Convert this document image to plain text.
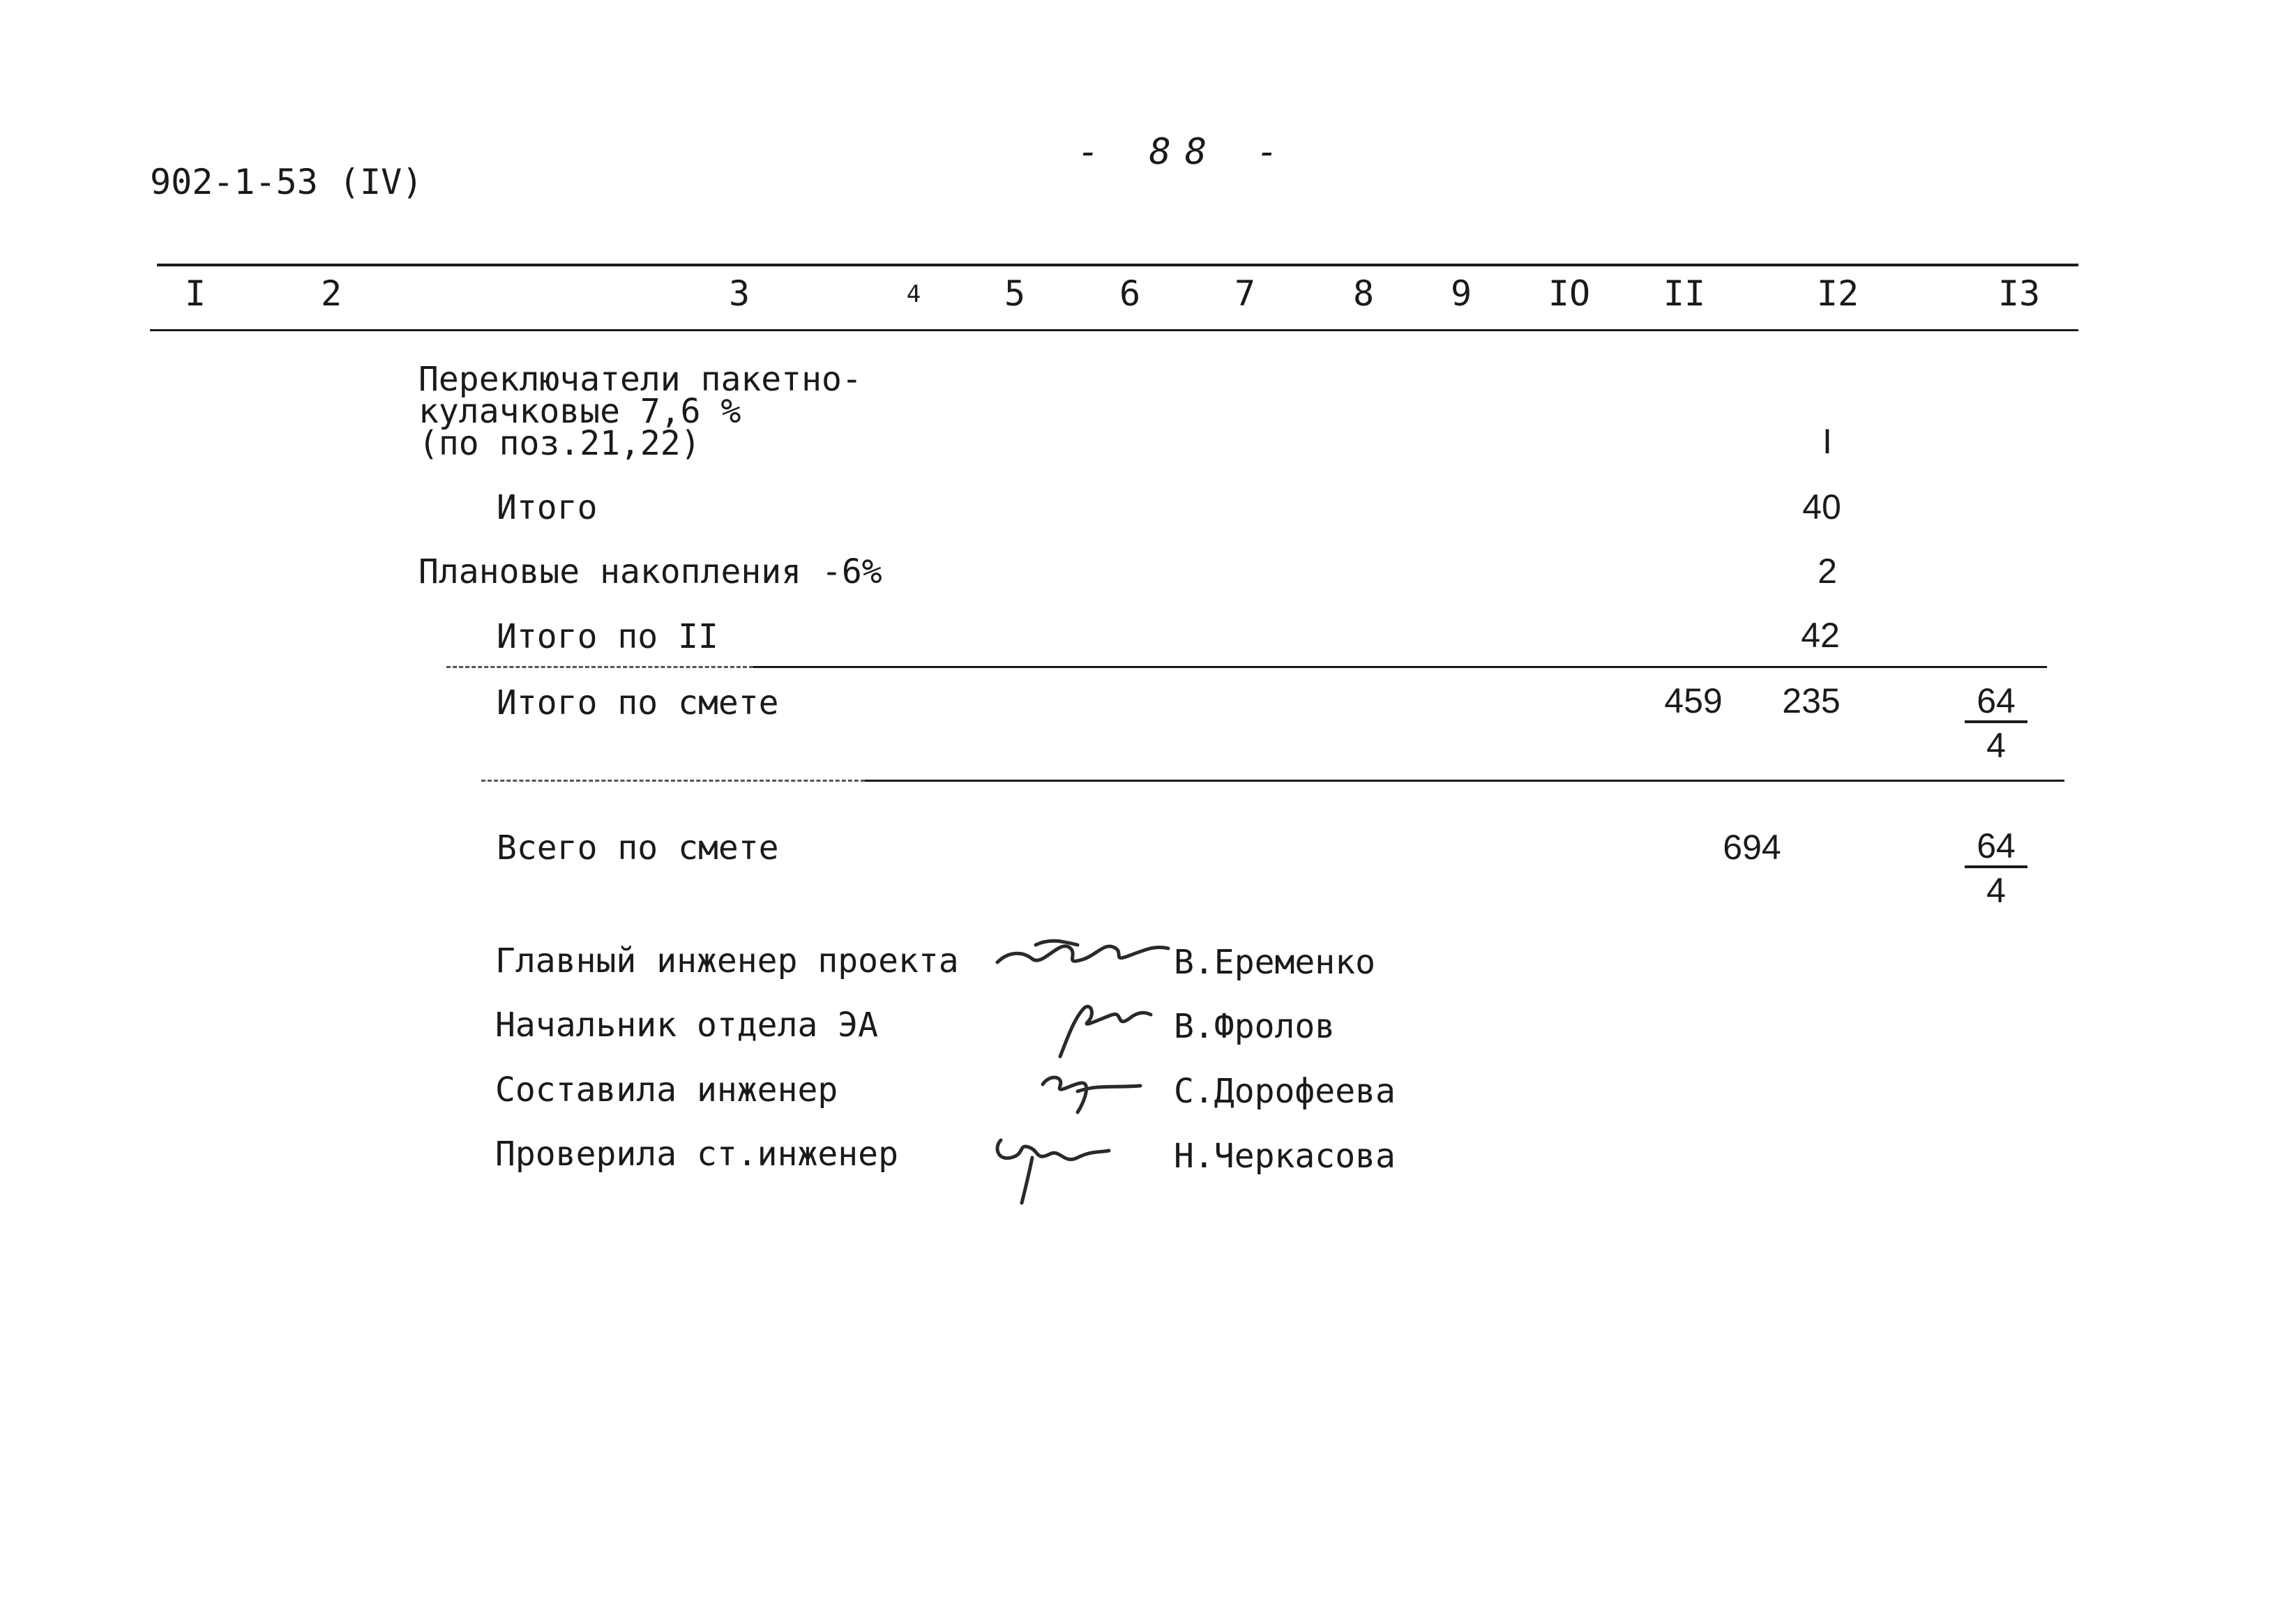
902-1-53 (IV)
- 88 -
I	2	3	4 5	6	7	8 9 IO II	I2	I3
Переключатели пакетно-
кулачковые 7,6 %
(по поз.21,22)	I
Итого	40
Плановые накопления -6%	2
Итого по II	42
Итого по смете	459 235	$\frac{64}{4}$
Всего по смете	694	$\frac{64}{4}$
Главный инженер проекта	В.Еременко
Начальник отдела ЭА	В.Фролов
Составила инженер	С.Дорофеева
Проверила ст.инженер	Н.Черкасова
